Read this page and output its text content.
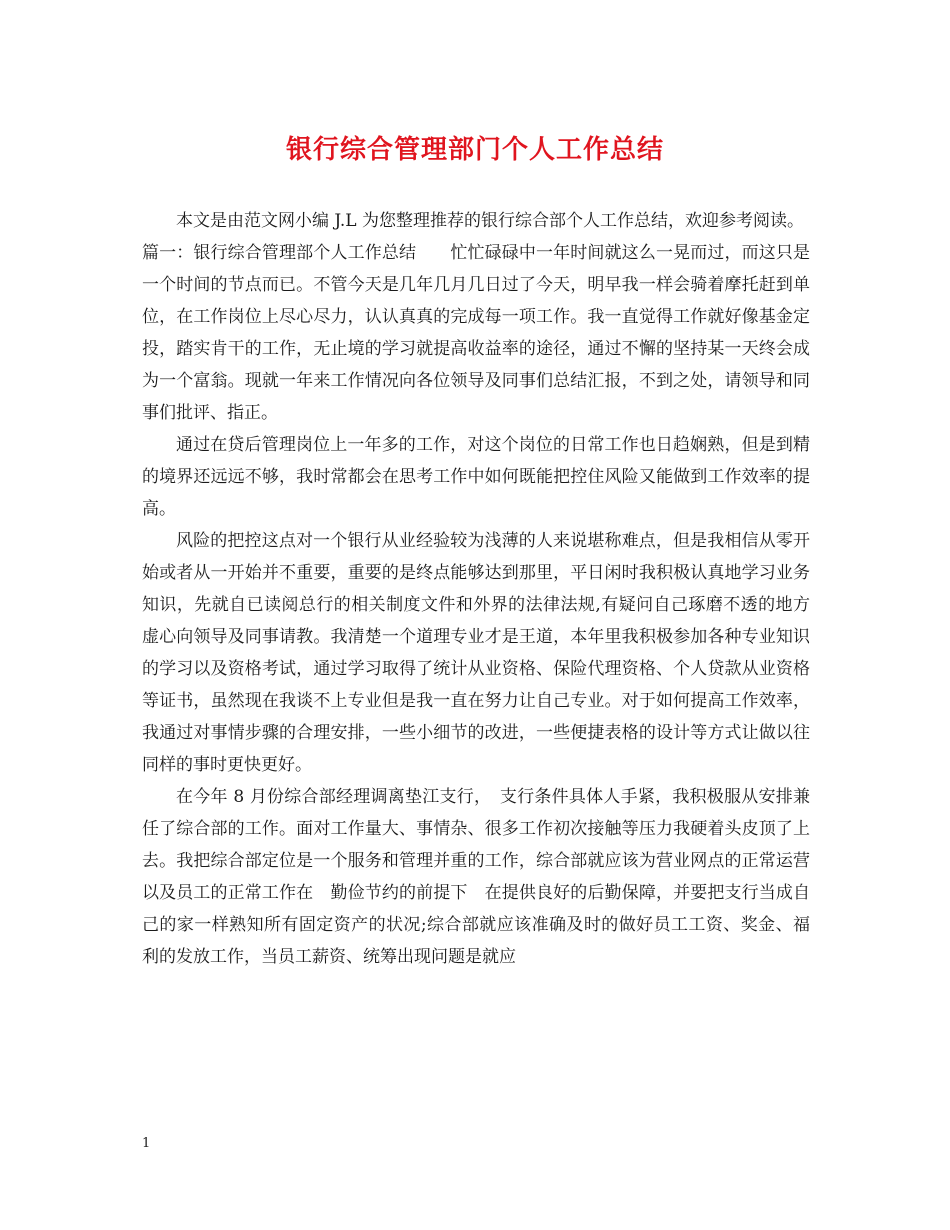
银行综合管理部门个人工作总结

本文是由范文网小编 J.L 为您整理推荐的银行综合部个人工作总结，欢迎参考阅读。

篇一：银行综合管理部个人工作总结　　忙忙碌碌中一年时间就这么一晃而过，而这只是一个时间的节点而已。不管今天是几年几月几日过了今天，明早我一样会骑着摩托赶到单位，在工作岗位上尽心尽力，认认真真的完成每一项工作。我一直觉得工作就好像基金定投，踏实肯干的工作，无止境的学习就提高收益率的途径，通过不懈的坚持某一天终会成为一个富翁。现就一年来工作情况向各位领导及同事们总结汇报，不到之处，请领导和同事们批评、指正。

通过在贷后管理岗位上一年多的工作，对这个岗位的日常工作也日趋娴熟，但是到精的境界还远远不够，我时常都会在思考工作中如何既能把控住风险又能做到工作效率的提高。

风险的把控这点对一个银行从业经验较为浅薄的人来说堪称难点，但是我相信从零开始或者从一开始并不重要，重要的是终点能够达到那里，平日闲时我积极认真地学习业务知识，先就自已读阅总行的相关制度文件和外界的法律法规,有疑问自己琢磨不透的地方虚心向领导及同事请教。我清楚一个道理专业才是王道，本年里我积极参加各种专业知识的学习以及资格考试，通过学习取得了统计从业资格、保险代理资格、个人贷款从业资格等证书，虽然现在我谈不上专业但是我一直在努力让自己专业。对于如何提高工作效率，我通过对事情步骤的合理安排，一些小细节的改进，一些便捷表格的设计等方式让做以往同样的事时更快更好。

在今年 8 月份综合部经理调离垫江支行，　支行条件具体人手紧，我积极服从安排兼任了综合部的工作。面对工作量大、事情杂、很多工作初次接触等压力我硬着头皮顶了上去。我把综合部定位是一个服务和管理并重的工作，综合部就应该为营业网点的正常运营以及员工的正常工作在　勤俭节约的前提下　在提供良好的后勤保障，并要把支行当成自己的家一样熟知所有固定资产的状况;综合部就应该准确及时的做好员工工资、奖金、福利的发放工作，当员工薪资、统筹出现问题是就应

1
